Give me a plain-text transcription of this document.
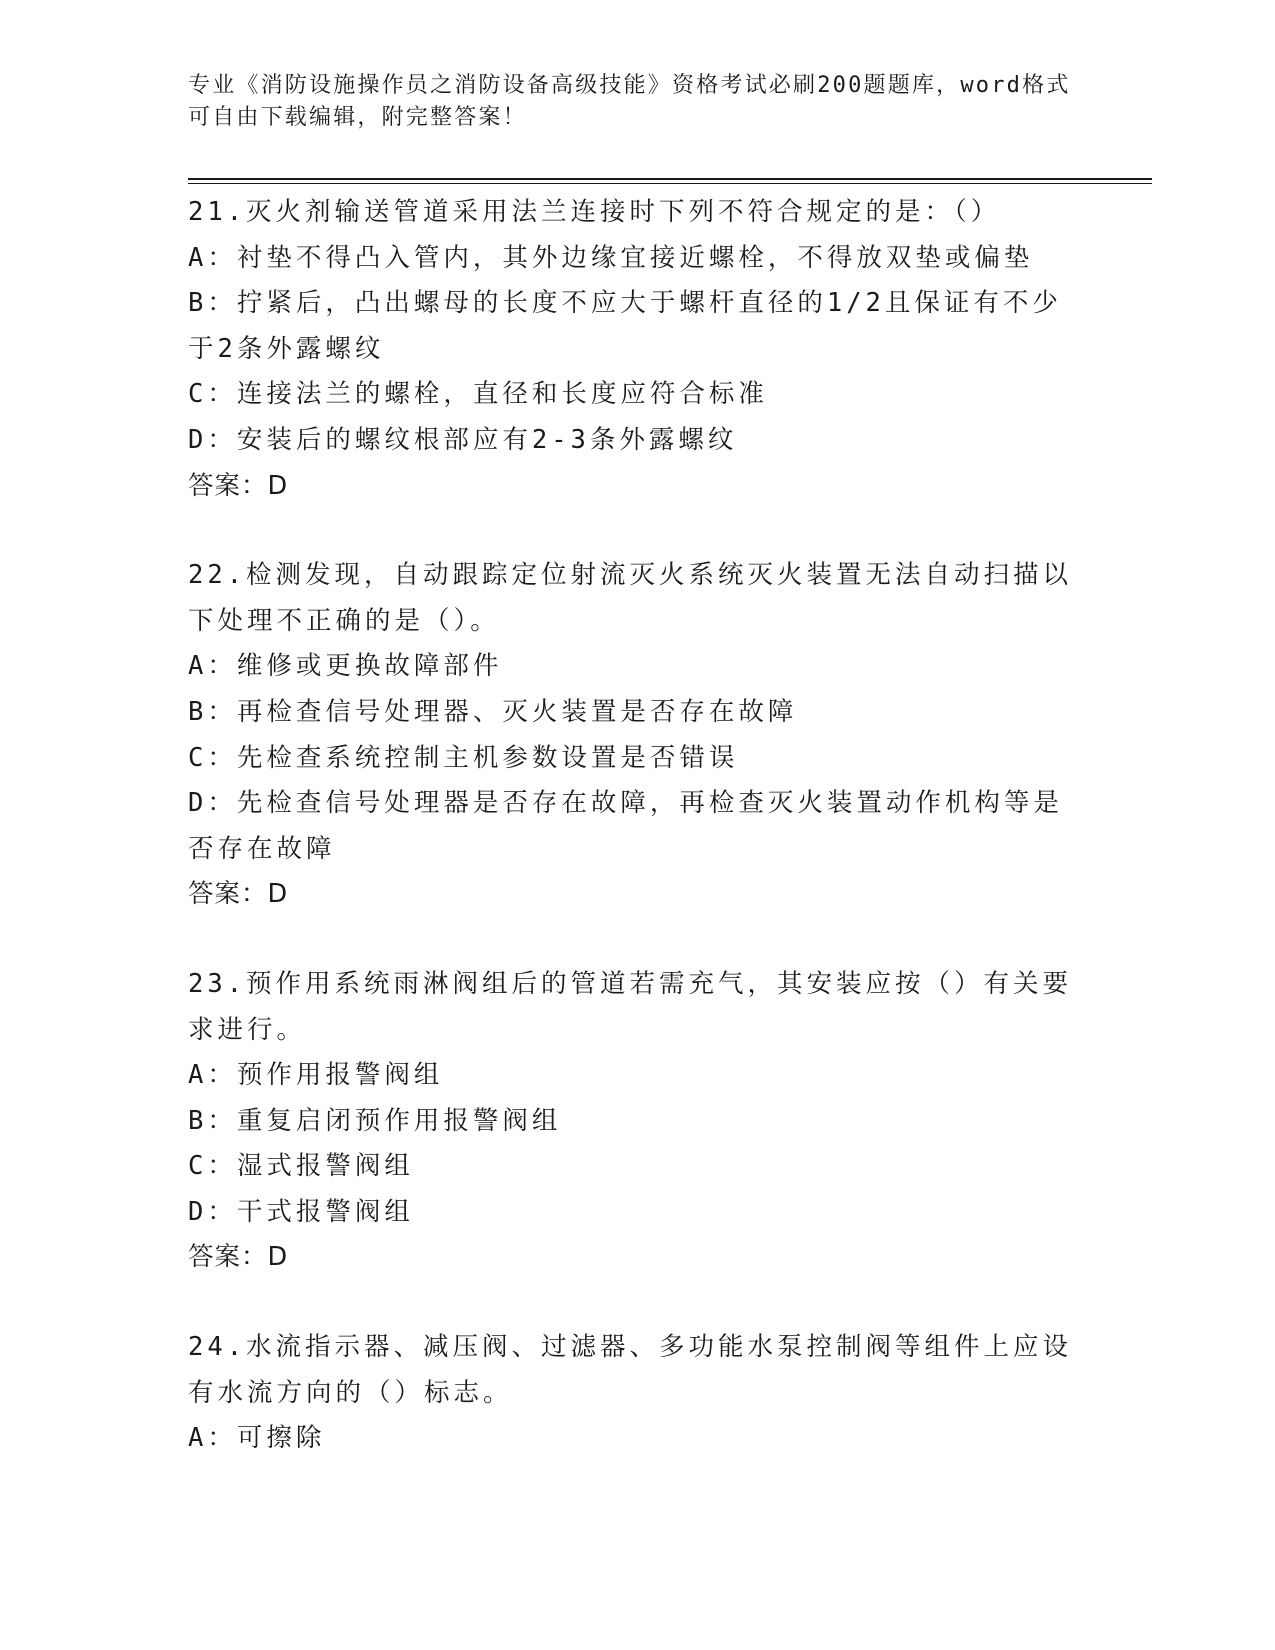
专业《消防设施操作员之消防设备高级技能》资格考试必刷200题题库，word格式可自由下载编辑，附完整答案！
21.灭火剂输送管道采用法兰连接时下列不符合规定的是：（）
A：衬垫不得凸入管内，其外边缘宜接近螺栓，不得放双垫或偏垫
B：拧紧后，凸出螺母的长度不应大于螺杆直径的1/2且保证有不少于2条外露螺纹
C：连接法兰的螺栓，直径和长度应符合标准
D：安装后的螺纹根部应有2-3条外露螺纹
答案：D
22.检测发现，自动跟踪定位射流灭火系统灭火装置无法自动扫描以下处理不正确的是（）。
A：维修或更换故障部件
B：再检查信号处理器、灭火装置是否存在故障
C：先检查系统控制主机参数设置是否错误
D：先检查信号处理器是否存在故障，再检查灭火装置动作机构等是否存在故障
答案：D
23.预作用系统雨淋阀组后的管道若需充气，其安装应按（）有关要求进行。
A：预作用报警阀组
B：重复启闭预作用报警阀组
C：湿式报警阀组
D：干式报警阀组
答案：D
24.水流指示器、减压阀、过滤器、多功能水泵控制阀等组件上应设有水流方向的（）标志。
A：可擦除
